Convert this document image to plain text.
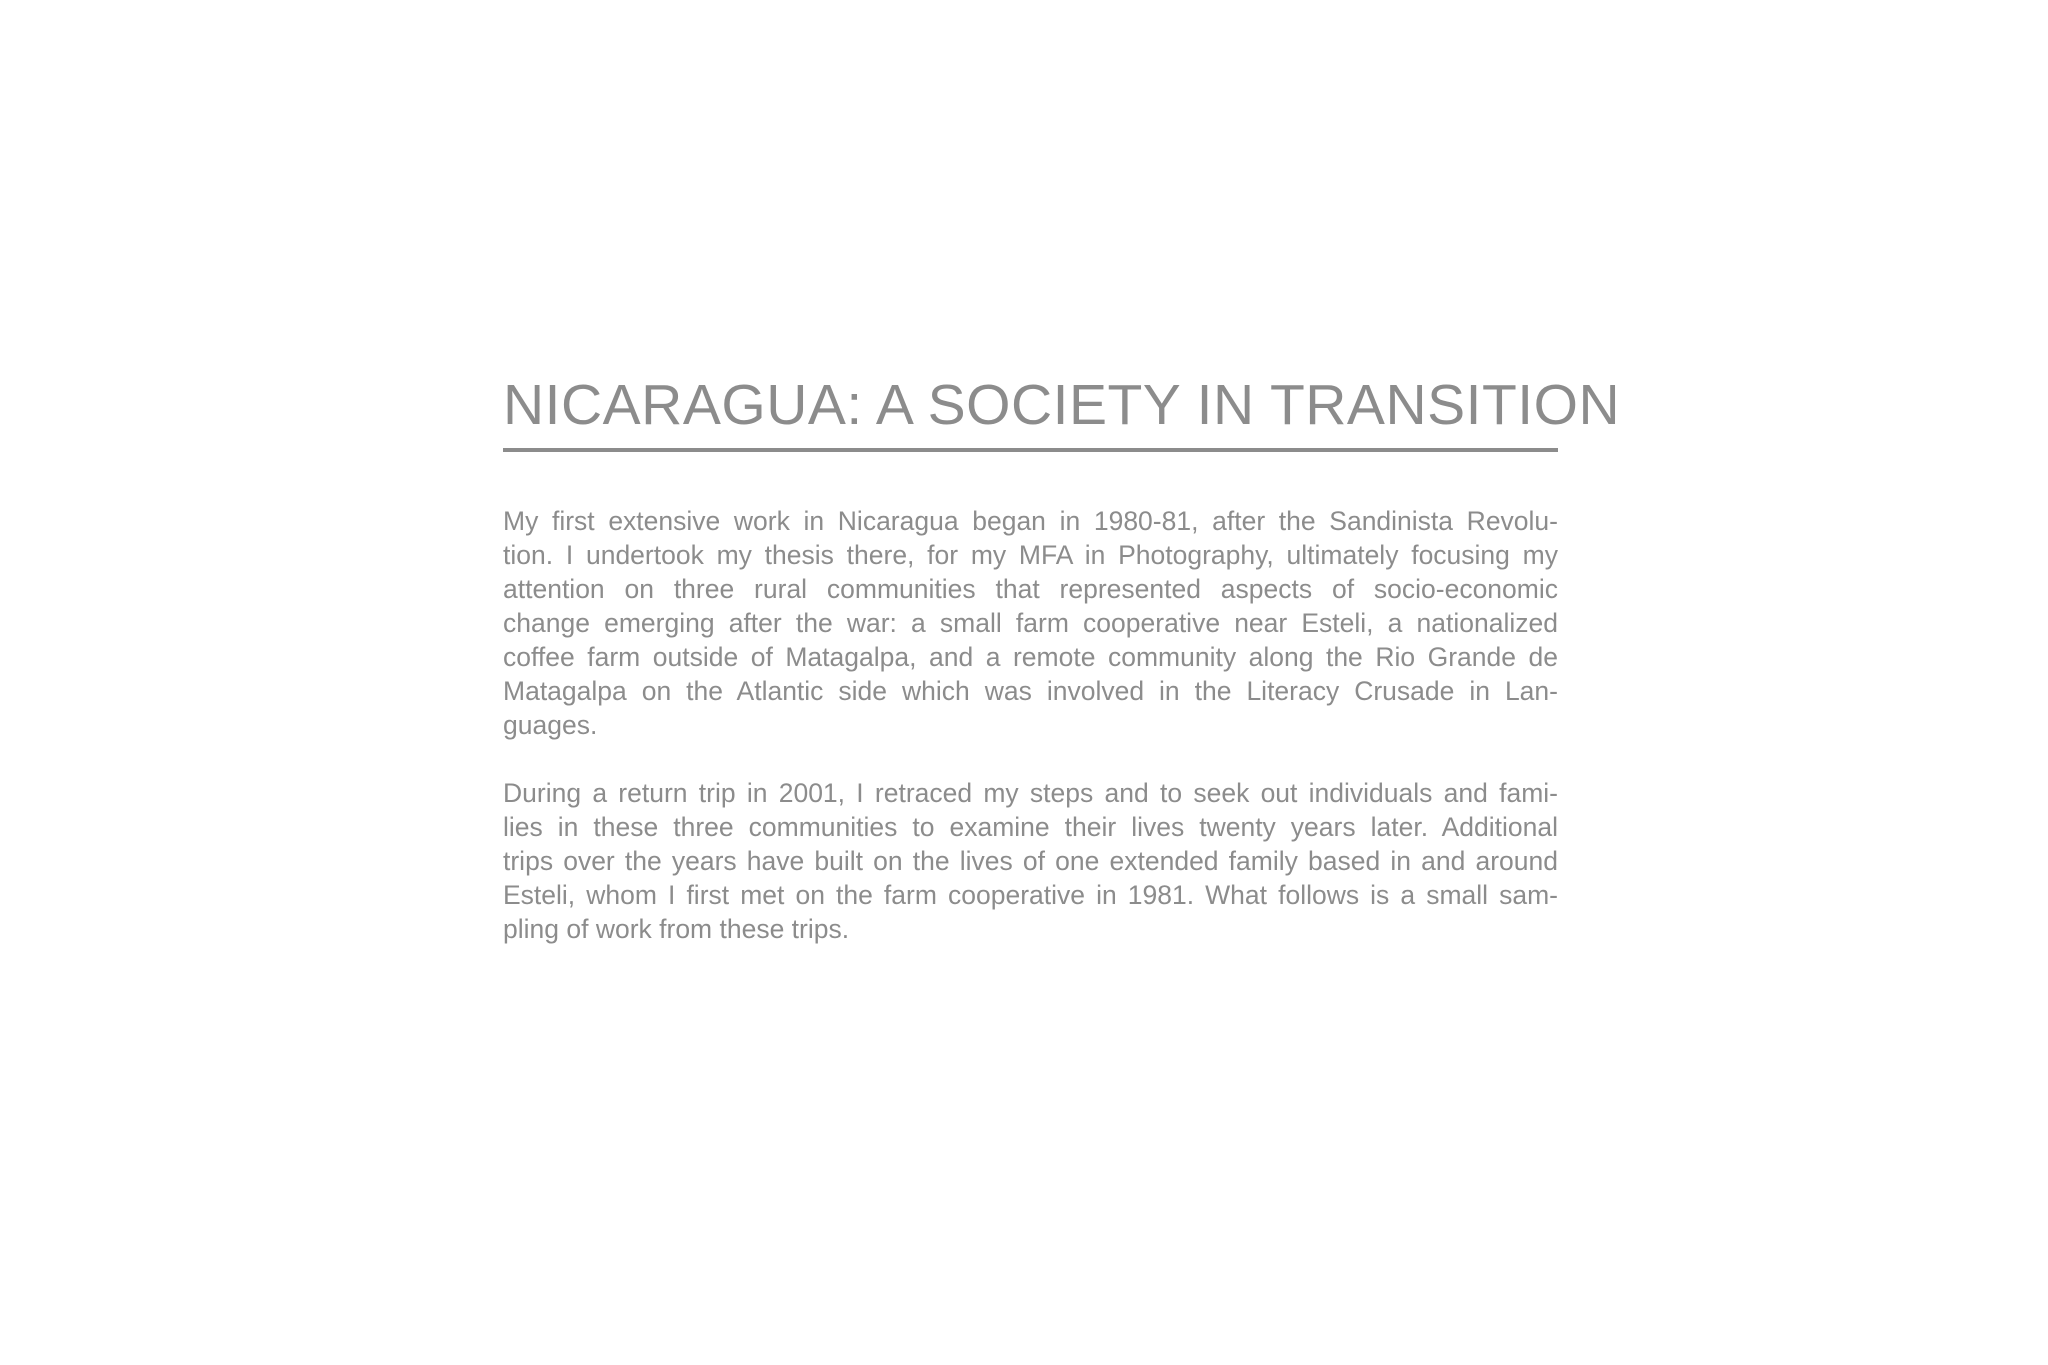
NICARAGUA: A SOCIETY IN TRANSITION

My first extensive work in Nicaragua began in 1980-81, after the Sandinista Revolu-
tion. I undertook my thesis there, for my MFA in Photography, ultimately focusing my
attention on three rural communities that represented aspects of socio-economic
change emerging after the war: a small farm cooperative near Esteli, a nationalized
coffee farm outside of Matagalpa, and a remote community along the Rio Grande de
Matagalpa on the Atlantic side which was involved in the Literacy Crusade in Lan-
guages.

During a return trip in 2001, I retraced my steps and to seek out individuals and fami-
lies in these three communities to examine their lives twenty years later. Additional
trips over the years have built on the lives of one extended family based in and around
Esteli, whom I first met on the farm cooperative in 1981. What follows is a small sam-
pling of work from these trips.
